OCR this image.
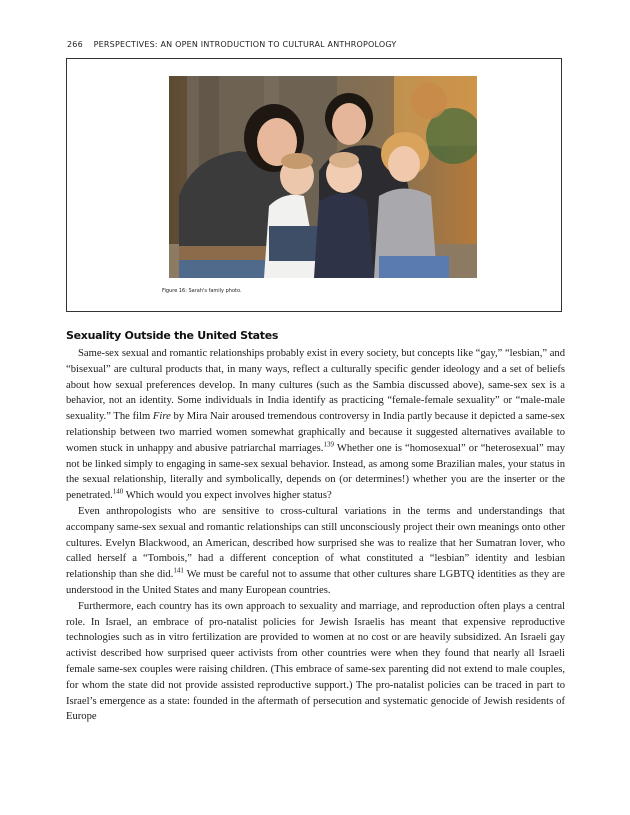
266 PERSPECTIVES: AN OPEN INTRODUCTION TO CULTURAL ANTHROPOLOGY
Figure 16: Sarah's family photo.
Sexuality Outside the United States

Same-sex sexual and romantic relationships probably exist in every society, but concepts like “gay,” “lesbian,” and “bisexual” are cultural products that, in many ways, reflect a culturally specific gender ideology and a set of beliefs about how sexual preferences develop. In many cultures (such as the Sambia discussed above), same-sex sex is a behavior, not an identity. Some individuals in India identify as practicing “female-female sexuality” or “male-male sexuality.” The film Fire by Mira Nair aroused tremendous controversy in India partly because it depicted a same-sex relationship between two married women somewhat graphically and because it suggested alternatives available to women stuck in unhappy and abusive patriarchal marriages.$^{139}$ Whether one is “homosexual” or “heterosexual” may not be linked simply to engaging in same-sex sexual behavior. Instead, as among some Brazilian males, your status in the sexual relationship, literally and symbolically, depends on (or determines!) whether you are the inserter or the penetrated.$^{140}$ Which would you expect involves higher status?

Even anthropologists who are sensitive to cross-cultural variations in the terms and understandings that accompany same-sex sexual and romantic relationships can still unconsciously project their own meanings onto other cultures. Evelyn Blackwood, an American, described how surprised she was to realize that her Sumatran lover, who called herself a “Tombois,” had a different conception of what constituted a “lesbian” identity and lesbian relationship than she did.$^{141}$ We must be careful not to assume that other cultures share LGBTQ identities as they are understood in the United States and many European countries.

Furthermore, each country has its own approach to sexuality and marriage, and reproduction often plays a central role. In Israel, an embrace of pro-natalist policies for Jewish Israelis has meant that expensive reproductive technologies such as in vitro fertilization are provided to women at no cost or are heavily subsidized. An Israeli gay activist described how surprised queer activists from other countries were when they found that nearly all Israeli female same-sex couples were raising children. (This embrace of same-sex parenting did not extend to male couples, for whom the state did not provide assisted reproductive support.) The pro-natalist policies can be traced in part to Israel’s emergence as a state: founded in the aftermath of persecution and systematic genocide of Jewish residents of Europe
